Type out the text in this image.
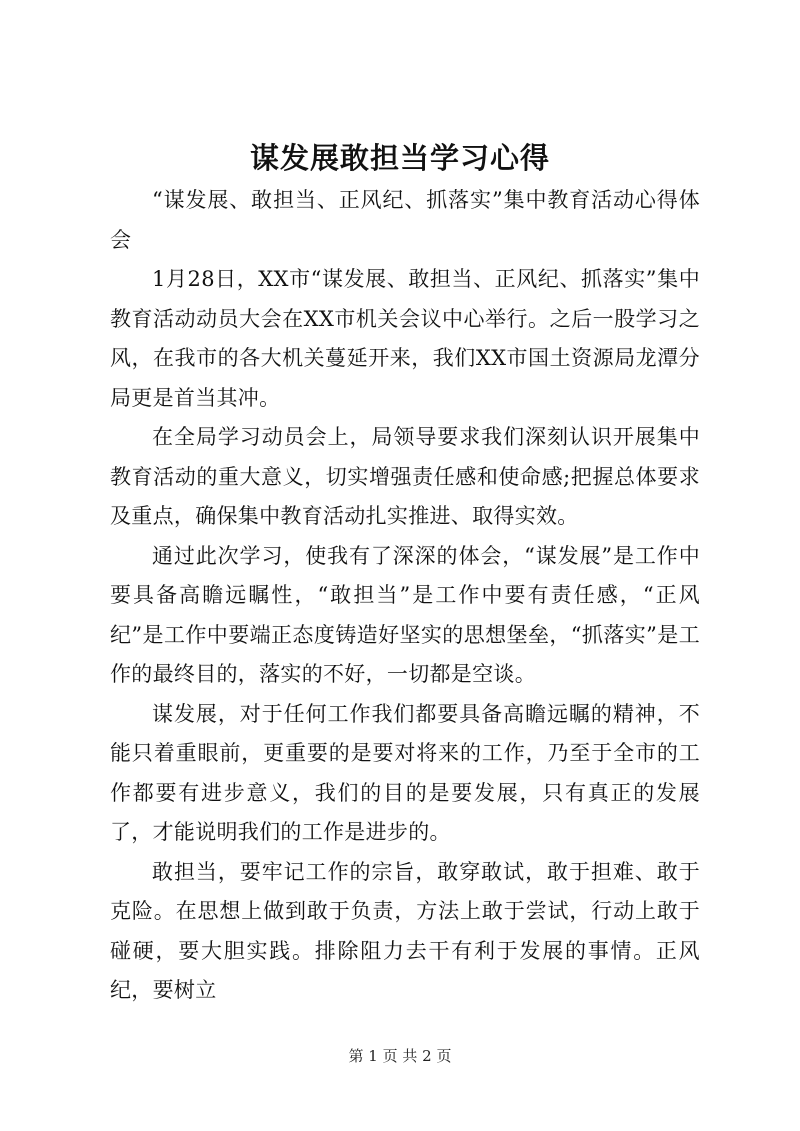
谋发展敢担当学习心得

“谋发展、敢担当、正风纪、抓落实”集中教育活动心得体会

1月28日，XX市“谋发展、敢担当、正风纪、抓落实”集中教育活动动员大会在XX市机关会议中心举行。之后一股学习之风，在我市的各大机关蔓延开来，我们XX市国土资源局龙潭分局更是首当其冲。

在全局学习动员会上，局领导要求我们深刻认识开展集中教育活动的重大意义，切实增强责任感和使命感;把握总体要求及重点，确保集中教育活动扎实推进、取得实效。

通过此次学习，使我有了深深的体会，“谋发展”是工作中要具备高瞻远瞩性，“敢担当”是工作中要有责任感，“正风纪”是工作中要端正态度铸造好坚实的思想堡垒，“抓落实”是工作的最终目的，落实的不好，一切都是空谈。

谋发展，对于任何工作我们都要具备高瞻远瞩的精神，不能只着重眼前，更重要的是要对将来的工作，乃至于全市的工作都要有进步意义，我们的目的是要发展，只有真正的发展了，才能说明我们的工作是进步的。

敢担当，要牢记工作的宗旨，敢穿敢试，敢于担难、敢于克险。在思想上做到敢于负责，方法上敢于尝试，行动上敢于碰硬，要大胆实践。排除阻力去干有利于发展的事情。正风纪，要树立

第 1 页 共 2 页
